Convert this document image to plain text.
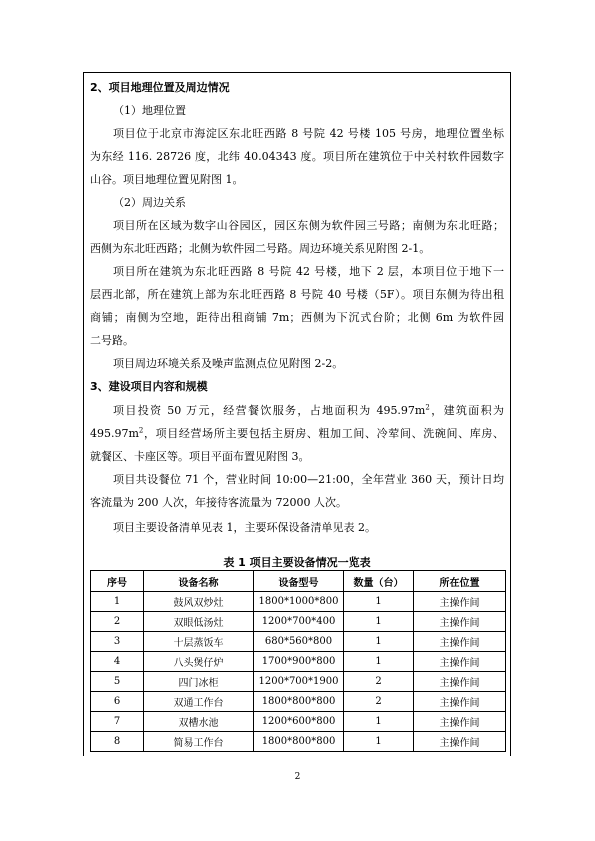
2、项目地理位置及周边情况
（1）地理位置
项目位于北京市海淀区东北旺西路 8 号院 42 号楼 105 号房，地理位置坐标
为东经 116. 28726 度，北纬 40.04343 度。项目所在建筑位于中关村软件园数字
山谷。项目地理位置见附图 1。
（2）周边关系
项目所在区域为数字山谷园区，园区东侧为软件园三号路；南侧为东北旺路；
西侧为东北旺西路；北侧为软件园二号路。周边环境关系见附图 2-1。
项目所在建筑为东北旺西路 8 号院 42 号楼，地下 2 层，本项目位于地下一
层西北部，所在建筑上部为东北旺西路 8 号院 40 号楼（5F）。项目东侧为待出租
商铺；南侧为空地，距待出租商铺 7m；西侧为下沉式台阶；北侧 6m 为软件园
二号路。
项目周边环境关系及噪声监测点位见附图 2-2。
3、建设项目内容和规模
项目投资 50 万元，经营餐饮服务，占地面积为 $495.97m^2$，建筑面积为
$495.97m^2$，项目经营场所主要包括主厨房、粗加工间、冷荤间、洗碗间、库房、
就餐区、卡座区等。项目平面布置见附图 3。
项目共设餐位 71 个，营业时间 10:00—21:00，全年营业 360 天，预计日均
客流量为 200 人次，年接待客流量为 72000 人次。
项目主要设备清单见表 1，主要环保设备清单见表 2。
表 1 项目主要设备情况一览表
序号	设备名称	设备型号	数量（台）	所在位置
1	鼓风双炒灶	1800*1000*800	1	主操作间
2	双眼低汤灶	1200*700*400	1	主操作间
3	十层蒸饭车	680*560*800	1	主操作间
4	八头煲仔炉	1700*900*800	1	主操作间
5	四门冰柜	1200*700*1900	2	主操作间
6	双通工作台	1800*800*800	2	主操作间
7	双槽水池	1200*600*800	1	主操作间
8	简易工作台	1800*800*800	1	主操作间
2
